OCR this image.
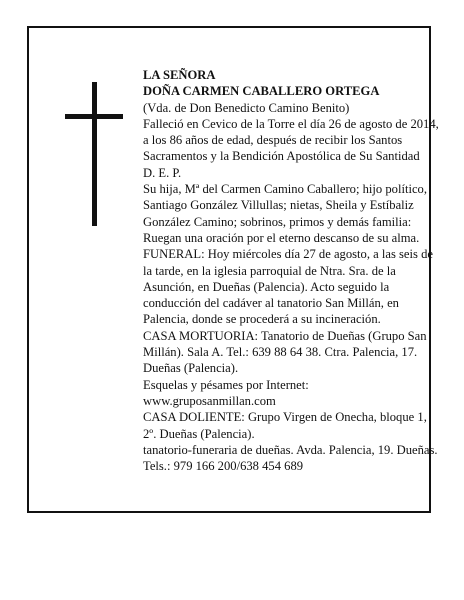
LA SEÑORA

DOÑA CARMEN CABALLERO ORTEGA

(Vda. de Don Benedicto Camino Benito)

Falleció en Cevico de la Torre el día 26 de agosto de 2014, a los 86 años de edad, después de recibir los Santos Sacramentos y la Bendición Apostólica de Su Santidad

D. E. P.

Su hija, Mª del Carmen Camino Caballero; hijo político, Santiago González Villullas; nietas, Sheila y Estíbaliz González Camino; sobrinos, primos y demás familia:

Ruegan una oración por el eterno descanso de su alma.

FUNERAL: Hoy miércoles día 27 de agosto, a las seis de la tarde, en la iglesia parroquial de Ntra. Sra. de la Asunción, en Dueñas (Palencia). Acto seguido la conducción del cadáver al tanatorio San Millán, en Palencia, donde se procederá a su incineración.

CASA MORTUORIA: Tanatorio de Dueñas (Grupo San Millán). Sala A. Tel.: 639 88 64 38. Ctra. Palencia, 17. Dueñas (Palencia).

Esquelas y pésames por Internet:

www.gruposanmillan.com

CASA DOLIENTE: Grupo Virgen de Onecha, bloque 1, 2º. Dueñas (Palencia).

tanatorio-funeraria de dueñas. Avda. Palencia, 19. Dueñas. Tels.: 979 166 200/638 454 689
